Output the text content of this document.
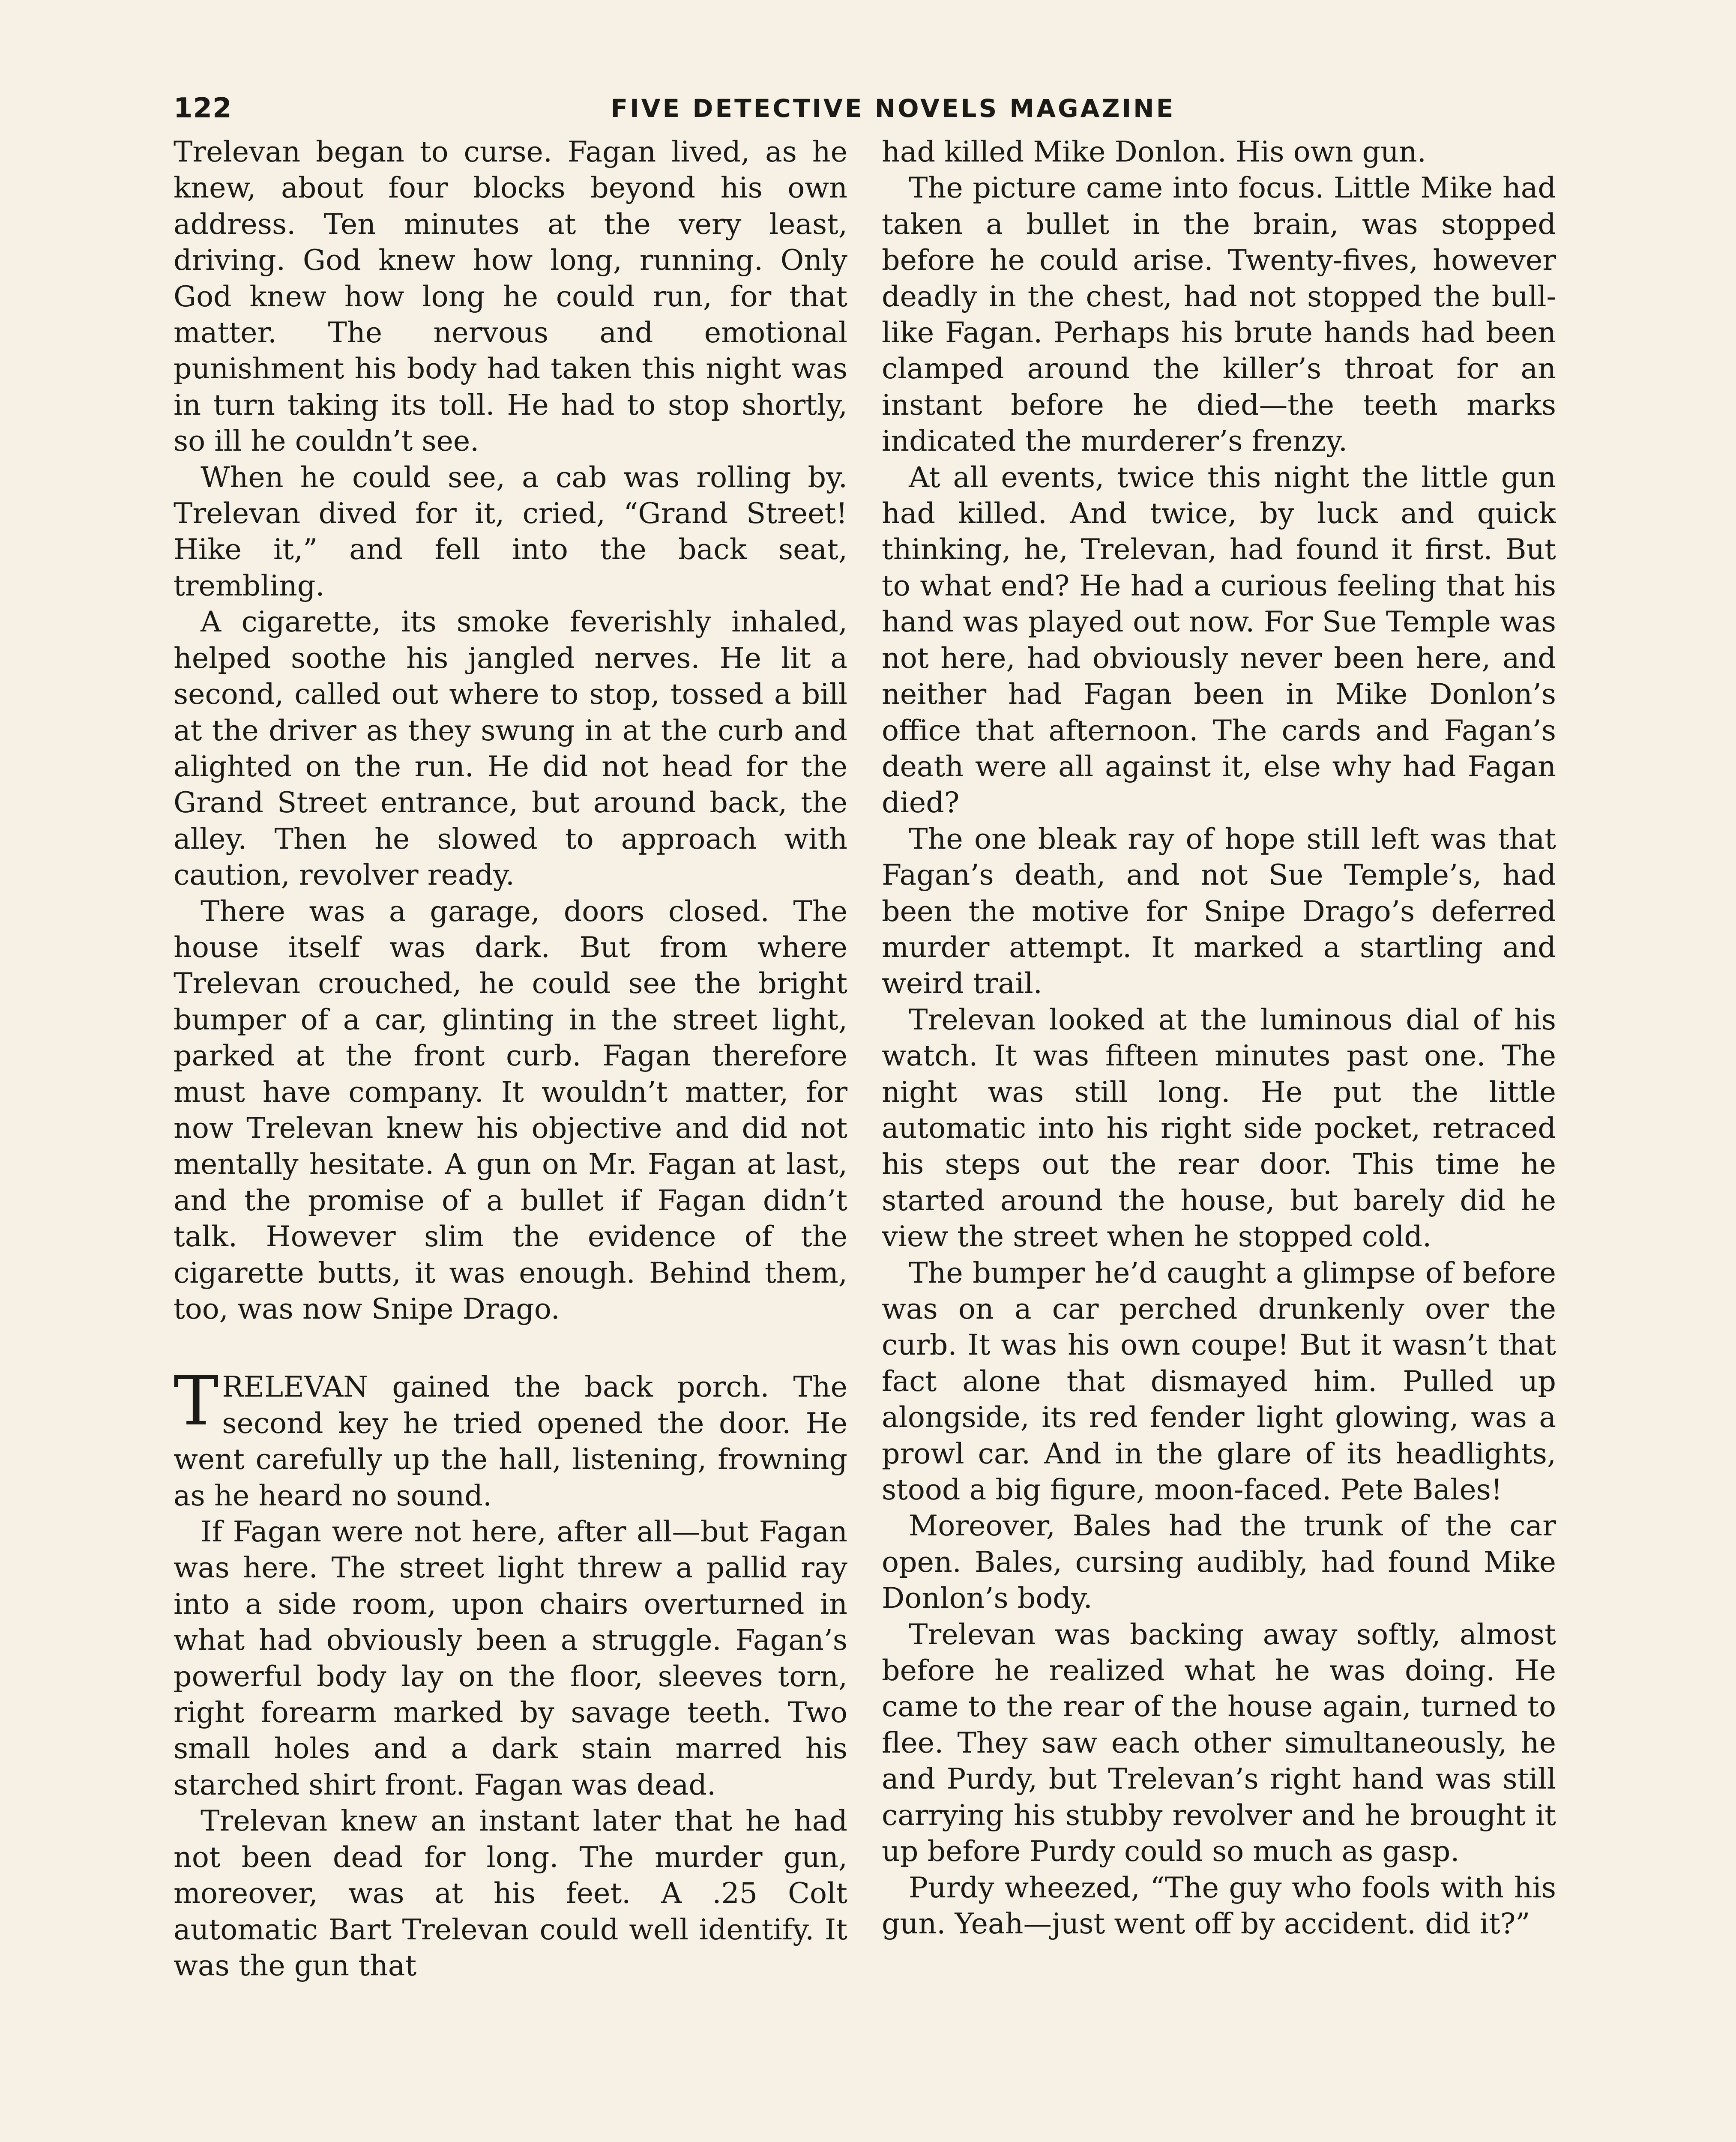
122	FIVE DETECTIVE NOVELS MAGAZINE

Trelevan began to curse. Fagan lived, as he knew, about four blocks beyond his own address. Ten minutes at the very least, driving. God knew how long, running. Only God knew how long he could run, for that matter. The nervous and emotional punishment his body had taken this night was in turn taking its toll. He had to stop shortly, so ill he couldn’t see.

When he could see, a cab was rolling by. Trelevan dived for it, cried, “Grand Street! Hike it,” and fell into the back seat, trembling.

A cigarette, its smoke feverishly inhaled, helped soothe his jangled nerves. He lit a second, called out where to stop, tossed a bill at the driver as they swung in at the curb and alighted on the run. He did not head for the Grand Street entrance, but around back, the alley. Then he slowed to approach with caution, revolver ready.

There was a garage, doors closed. The house itself was dark. But from where Trelevan crouched, he could see the bright bumper of a car, glinting in the street light, parked at the front curb. Fagan therefore must have company. It wouldn’t matter, for now Trelevan knew his objective and did not mentally hesitate. A gun on Mr. Fagan at last, and the promise of a bullet if Fagan didn’t talk. However slim the evidence of the cigarette butts, it was enough. Behind them, too, was now Snipe Drago.

TRELEVAN gained the back porch. The second key he tried opened the door. He went carefully up the hall, listening, frowning as he heard no sound.

If Fagan were not here, after all—but Fagan was here. The street light threw a pallid ray into a side room, upon chairs overturned in what had obviously been a struggle. Fagan’s powerful body lay on the floor, sleeves torn, right forearm marked by savage teeth. Two small holes and a dark stain marred his starched shirt front. Fagan was dead.

Trelevan knew an instant later that he had not been dead for long. The murder gun, moreover, was at his feet. A .25 Colt automatic Bart Trelevan could well identify. It was the gun that

had killed Mike Donlon. His own gun.

The picture came into focus. Little Mike had taken a bullet in the brain, was stopped before he could arise. Twenty-fives, however deadly in the chest, had not stopped the bull-like Fagan. Perhaps his brute hands had been clamped around the killer’s throat for an instant before he died—the teeth marks indicated the murderer’s frenzy.

At all events, twice this night the little gun had killed. And twice, by luck and quick thinking, he, Trelevan, had found it first. But to what end? He had a curious feeling that his hand was played out now. For Sue Temple was not here, had obviously never been here, and neither had Fagan been in Mike Donlon’s office that afternoon. The cards and Fagan’s death were all against it, else why had Fagan died?

The one bleak ray of hope still left was that Fagan’s death, and not Sue Temple’s, had been the motive for Snipe Drago’s deferred murder attempt. It marked a startling and weird trail.

Trelevan looked at the luminous dial of his watch. It was fifteen minutes past one. The night was still long. He put the little automatic into his right side pocket, retraced his steps out the rear door. This time he started around the house, but barely did he view the street when he stopped cold.

The bumper he’d caught a glimpse of before was on a car perched drunkenly over the curb. It was his own coupe! But it wasn’t that fact alone that dismayed him. Pulled up alongside, its red fender light glowing, was a prowl car. And in the glare of its headlights, stood a big figure, moon-faced. Pete Bales!

Moreover, Bales had the trunk of the car open. Bales, cursing audibly, had found Mike Donlon’s body.

Trelevan was backing away softly, almost before he realized what he was doing. He came to the rear of the house again, turned to flee. They saw each other simultaneously, he and Purdy, but Trelevan’s right hand was still carrying his stubby revolver and he brought it up before Purdy could so much as gasp.

Purdy wheezed, “The guy who fools with his gun. Yeah—just went off by accident. did it?”
